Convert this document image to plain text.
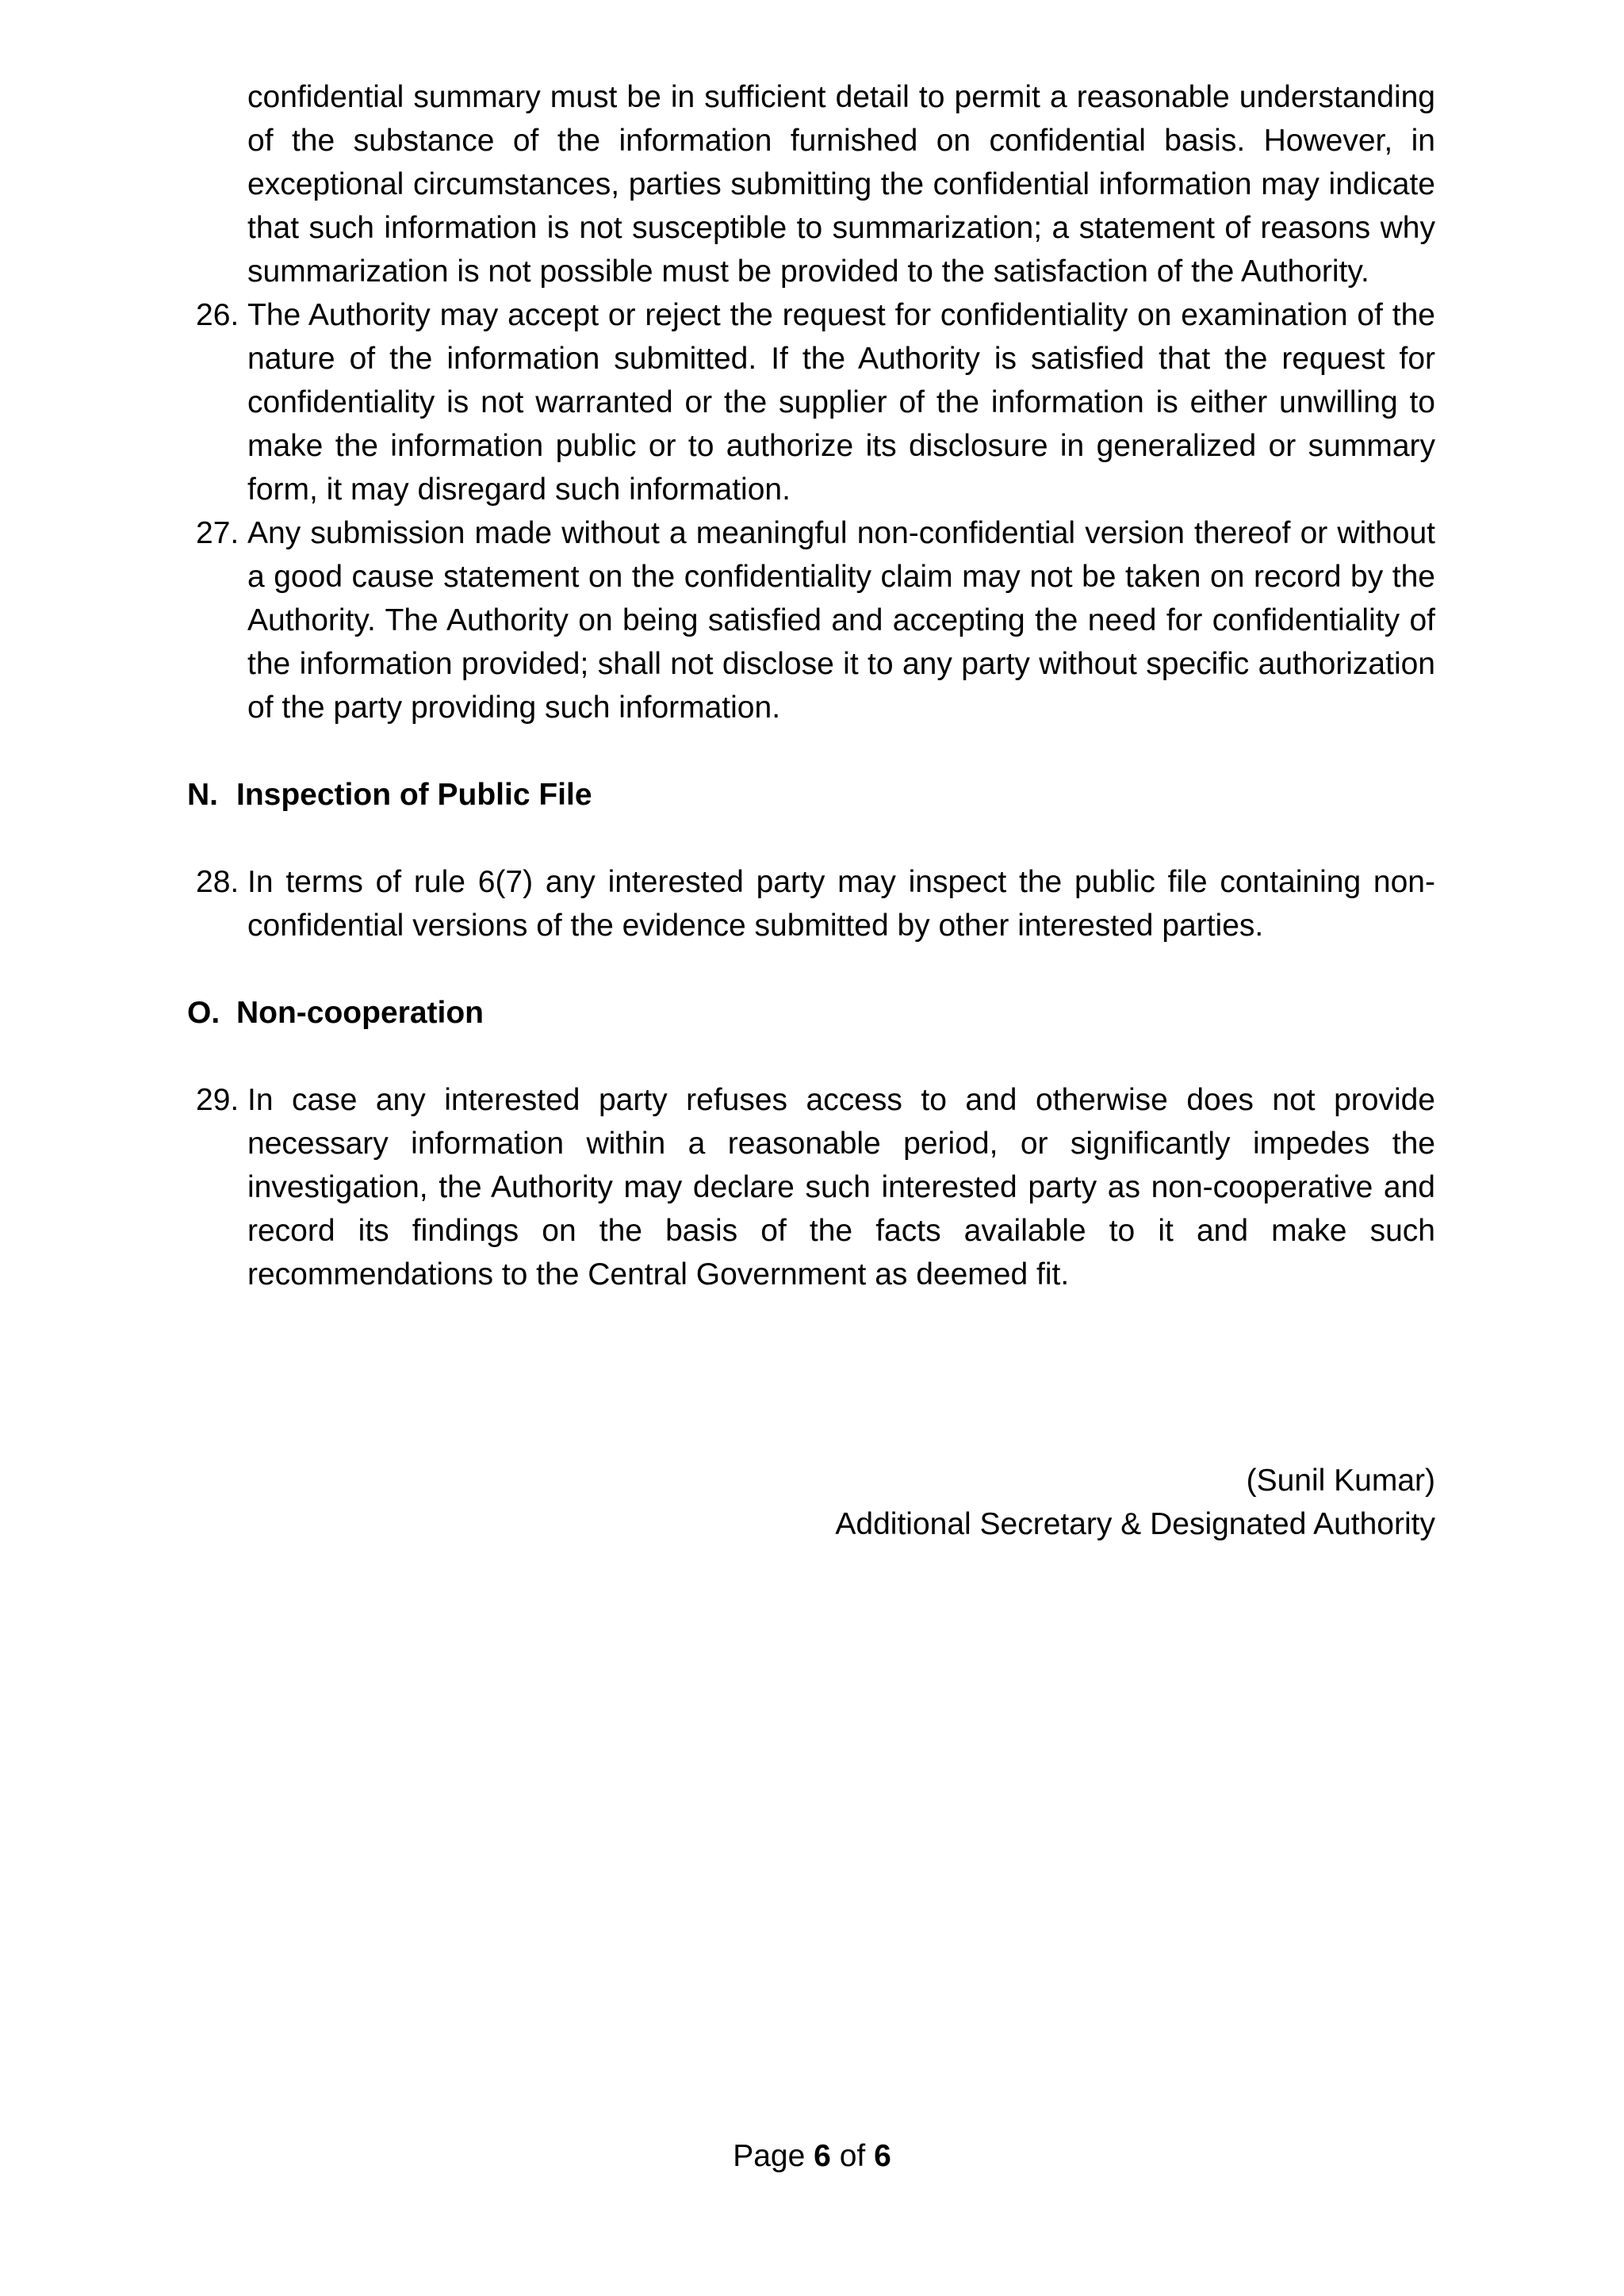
confidential summary must be in sufficient detail to permit a reasonable understanding of the substance of the information furnished on confidential basis. However, in exceptional circumstances, parties submitting the confidential information may indicate that such information is not susceptible to summarization; a statement of reasons why summarization is not possible must be provided to the satisfaction of the Authority.
26. The Authority may accept or reject the request for confidentiality on examination of the nature of the information submitted. If the Authority is satisfied that the request for confidentiality is not warranted or the supplier of the information is either unwilling to make the information public or to authorize its disclosure in generalized or summary form, it may disregard such information.
27. Any submission made without a meaningful non-confidential version thereof or without a good cause statement on the confidentiality claim may not be taken on record by the Authority. The Authority on being satisfied and accepting the need for confidentiality of the information provided; shall not disclose it to any party without specific authorization of the party providing such information.
N. Inspection of Public File
28. In terms of rule 6(7) any interested party may inspect the public file containing non-confidential versions of the evidence submitted by other interested parties.
O. Non-cooperation
29. In case any interested party refuses access to and otherwise does not provide necessary information within a reasonable period, or significantly impedes the investigation, the Authority may declare such interested party as non-cooperative and record its findings on the basis of the facts available to it and make such recommendations to the Central Government as deemed fit.
(Sunil Kumar)
Additional Secretary & Designated Authority
Page 6 of 6
